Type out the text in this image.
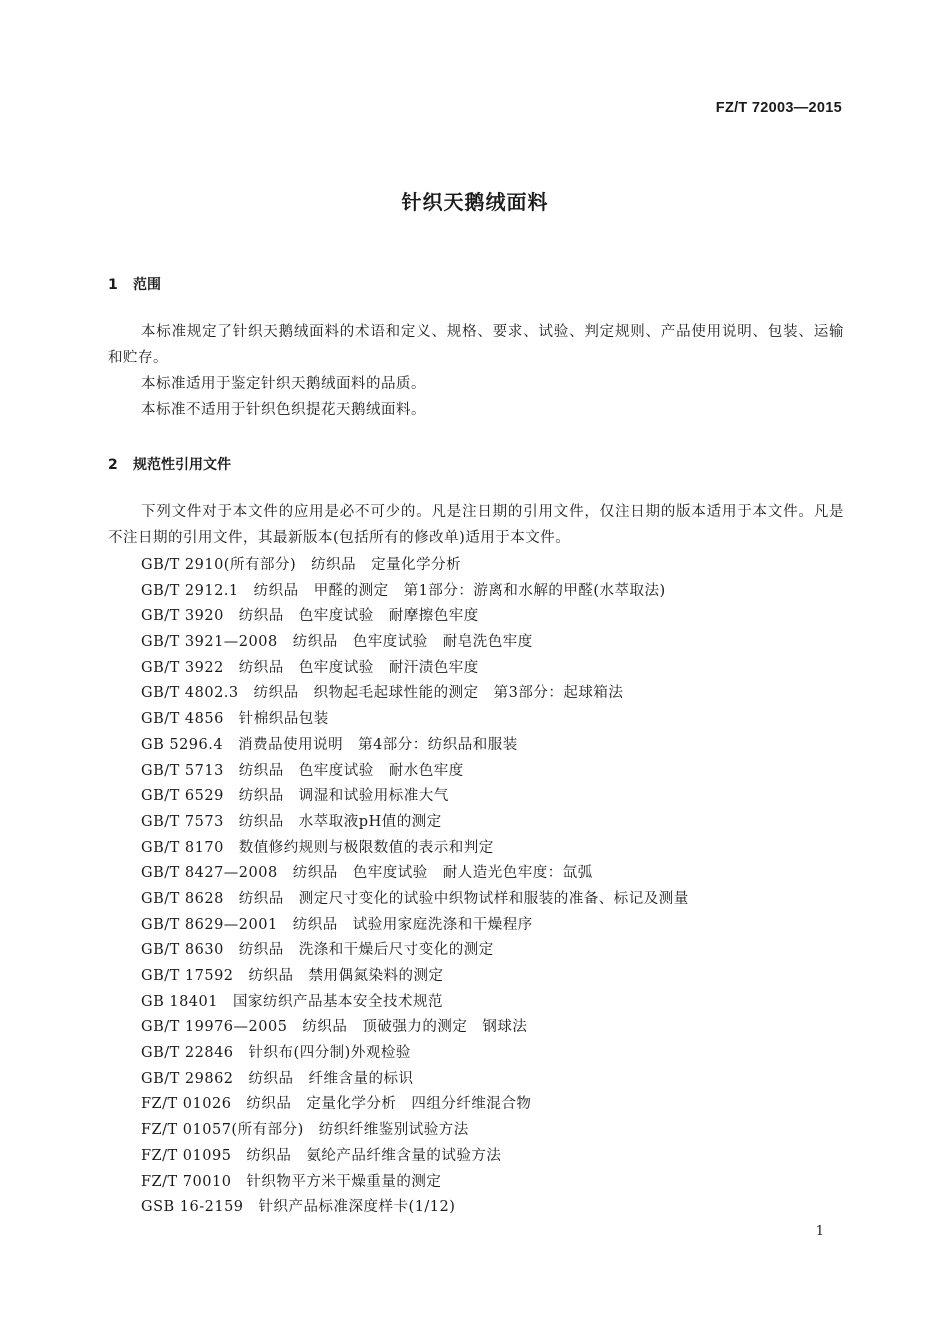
FZ/T 72003—2015
针织天鹅绒面料
1 范围

本标准规定了针织天鹅绒面料的术语和定义、规格、要求、试验、判定规则、产品使用说明、包装、运输和贮存。

本标准适用于鉴定针织天鹅绒面料的品质。

本标准不适用于针织色织提花天鹅绒面料。

2 规范性引用文件

下列文件对于本文件的应用是必不可少的。凡是注日期的引用文件，仅注日期的版本适用于本文件。凡是不注日期的引用文件，其最新版本(包括所有的修改单)适用于本文件。

GB/T 2910(所有部分)　纺织品　定量化学分析
GB/T 2912.1　纺织品　甲醛的测定　第1部分：游离和水解的甲醛(水萃取法)
GB/T 3920　纺织品　色牢度试验　耐摩擦色牢度
GB/T 3921—2008　纺织品　色牢度试验　耐皂洗色牢度
GB/T 3922　纺织品　色牢度试验　耐汗渍色牢度
GB/T 4802.3　纺织品　织物起毛起球性能的测定　第3部分：起球箱法
GB/T 4856　针棉织品包装
GB 5296.4　消费品使用说明　第4部分：纺织品和服装
GB/T 5713　纺织品　色牢度试验　耐水色牢度
GB/T 6529　纺织品　调湿和试验用标准大气
GB/T 7573　纺织品　水萃取液pH值的测定
GB/T 8170　数值修约规则与极限数值的表示和判定
GB/T 8427—2008　纺织品　色牢度试验　耐人造光色牢度：氙弧
GB/T 8628　纺织品　测定尺寸变化的试验中织物试样和服装的准备、标记及测量
GB/T 8629—2001　纺织品　试验用家庭洗涤和干燥程序
GB/T 8630　纺织品　洗涤和干燥后尺寸变化的测定
GB/T 17592　纺织品　禁用偶氮染料的测定
GB 18401　国家纺织产品基本安全技术规范
GB/T 19976—2005　纺织品　顶破强力的测定　钢球法
GB/T 22846　针织布(四分制)外观检验
GB/T 29862　纺织品　纤维含量的标识
FZ/T 01026　纺织品　定量化学分析　四组分纤维混合物
FZ/T 01057(所有部分)　纺织纤维鉴别试验方法
FZ/T 01095　纺织品　氨纶产品纤维含量的试验方法
FZ/T 70010　针织物平方米干燥重量的测定
GSB 16-2159　针织产品标准深度样卡(1/12)
1
